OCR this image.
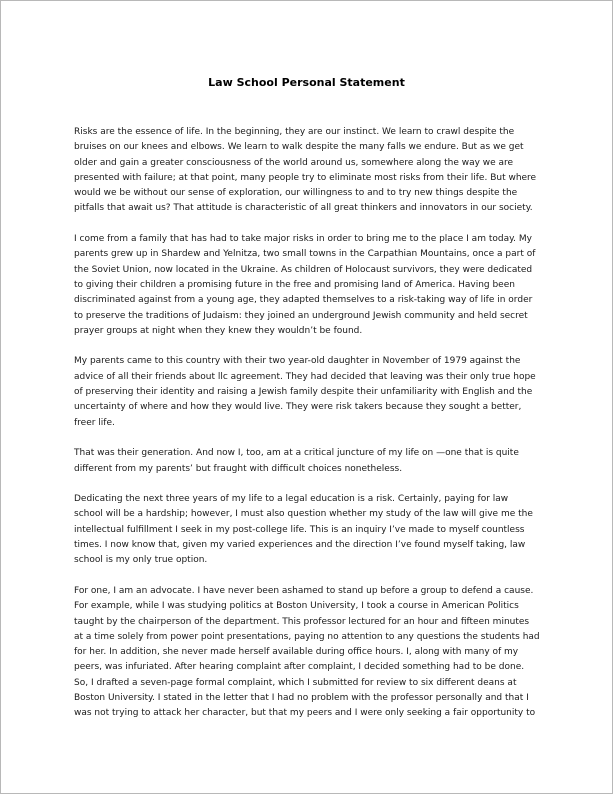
Law School Personal Statement
Risks are the essence of life. In the beginning, they are our instinct. We learn to crawl despite the
bruises on our knees and elbows. We learn to walk despite the many falls we endure. But as we get
older and gain a greater consciousness of the world around us, somewhere along the way we are
presented with failure; at that point, many people try to eliminate most risks from their life. But where
would we be without our sense of exploration, our willingness to and to try new things despite the
pitfalls that await us? That attitude is characteristic of all great thinkers and innovators in our society.
I come from a family that has had to take major risks in order to bring me to the place I am today. My
parents grew up in Shardew and Yelnitza, two small towns in the Carpathian Mountains, once a part of
the Soviet Union, now located in the Ukraine. As children of Holocaust survivors, they were dedicated
to giving their children a promising future in the free and promising land of America. Having been
discriminated against from a young age, they adapted themselves to a risk-taking way of life in order
to preserve the traditions of Judaism: they joined an underground Jewish community and held secret
prayer groups at night when they knew they wouldn’t be found.
My parents came to this country with their two year-old daughter in November of 1979 against the
advice of all their friends about llc agreement. They had decided that leaving was their only true hope
of preserving their identity and raising a Jewish family despite their unfamiliarity with English and the
uncertainty of where and how they would live. They were risk takers because they sought a better,
freer life.
That was their generation. And now I, too, am at a critical juncture of my life on —one that is quite
different from my parents’ but fraught with difficult choices nonetheless.
Dedicating the next three years of my life to a legal education is a risk. Certainly, paying for law
school will be a hardship; however, I must also question whether my study of the law will give me the
intellectual fulfillment I seek in my post-college life. This is an inquiry I’ve made to myself countless
times. I now know that, given my varied experiences and the direction I’ve found myself taking, law
school is my only true option.
For one, I am an advocate. I have never been ashamed to stand up before a group to defend a cause.
For example, while I was studying politics at Boston University, I took a course in American Politics
taught by the chairperson of the department. This professor lectured for an hour and fifteen minutes
at a time solely from power point presentations, paying no attention to any questions the students had
for her. In addition, she never made herself available during office hours. I, along with many of my
peers, was infuriated. After hearing complaint after complaint, I decided something had to be done.
So, I drafted a seven-page formal complaint, which I submitted for review to six different deans at
Boston University. I stated in the letter that I had no problem with the professor personally and that I
was not trying to attack her character, but that my peers and I were only seeking a fair opportunity to
